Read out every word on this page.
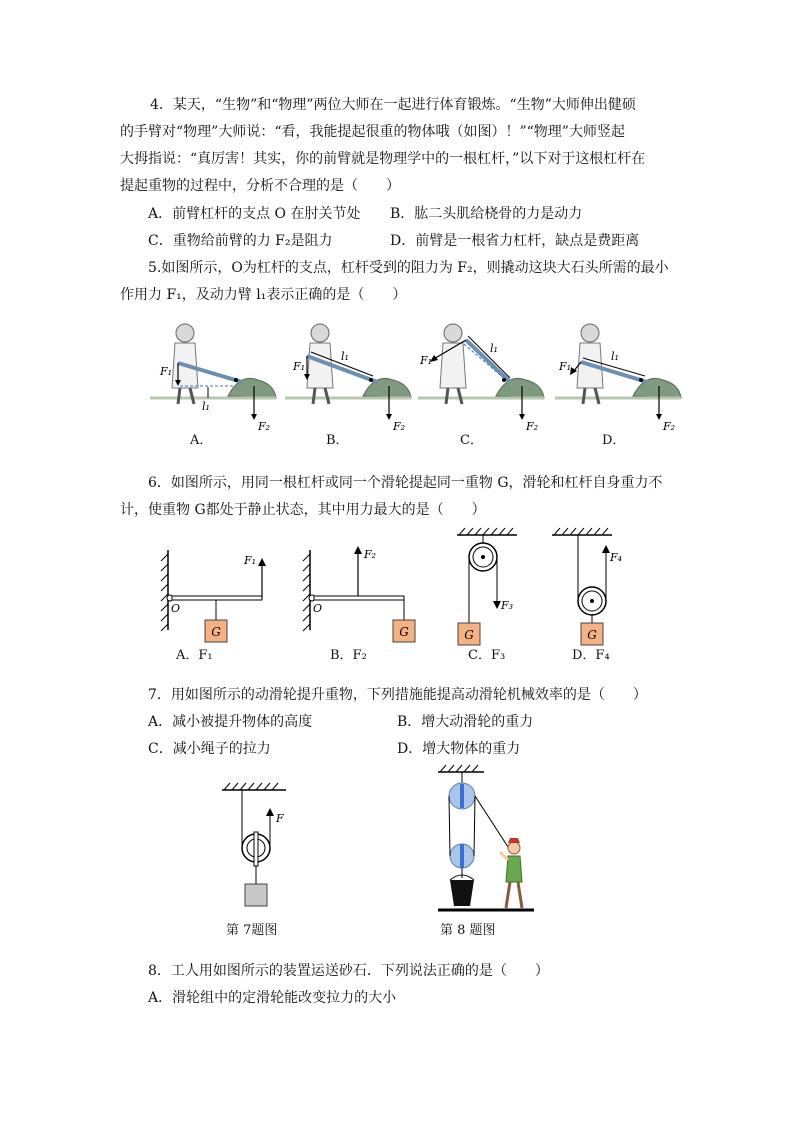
4．某天，“生物”和“物理”两位大师在一起进行体育锻炼。“生物”大师伸出健硕
的手臂对“物理”大师说：“看，我能提起很重的物体哦（如图）！”“物理”大师竖起
大拇指说：“真厉害！其实，你的前臂就是物理学中的一根杠杆，”以下对于这根杠杆在
提起重物的过程中，分析不合理的是（　　）
A．前臂杠杆的支点 O 在肘关节处 B．肱二头肌给桡骨的力是动力
C．重物给前臂的力 F₂是阻力	D．前臂是一根省力杠杆，缺点是费距离
5.如图所示，O为杠杆的支点，杠杆受到的阻力为 F₂，则撬动这块大石头所需的最小
作用力 F₁，及动力臂 l₁表示正确的是（　　）
F₁
l₁
F₂
A．
F₁
l₁
F₂
B．
F₁
l₁
F₂
C．
F₁
l₁
F₂
D．
6．如图所示，用同一根杠杆或同一个滑轮提起同一重物 G，滑轮和杠杆自身重力不
计，使重物 G都处于静止状态，其中用力最大的是（　　）
G
O
F₁
A．F₁
G
O
F₂
B．F₂
G
F₃
C．F₃
G
F₄
D．F₄
7．用如图所示的动滑轮提升重物，下列措施能提高动滑轮机械效率的是（　　）
A．减小被提升物体的高度	B．增大动滑轮的重力
C．减小绳子的拉力	D．增大物体的重力
F
第 7题图	第 8 题图
8．工人用如图所示的装置运送砂石．下列说法正确的是（　　）
A．滑轮组中的定滑轮能改变拉力的大小
